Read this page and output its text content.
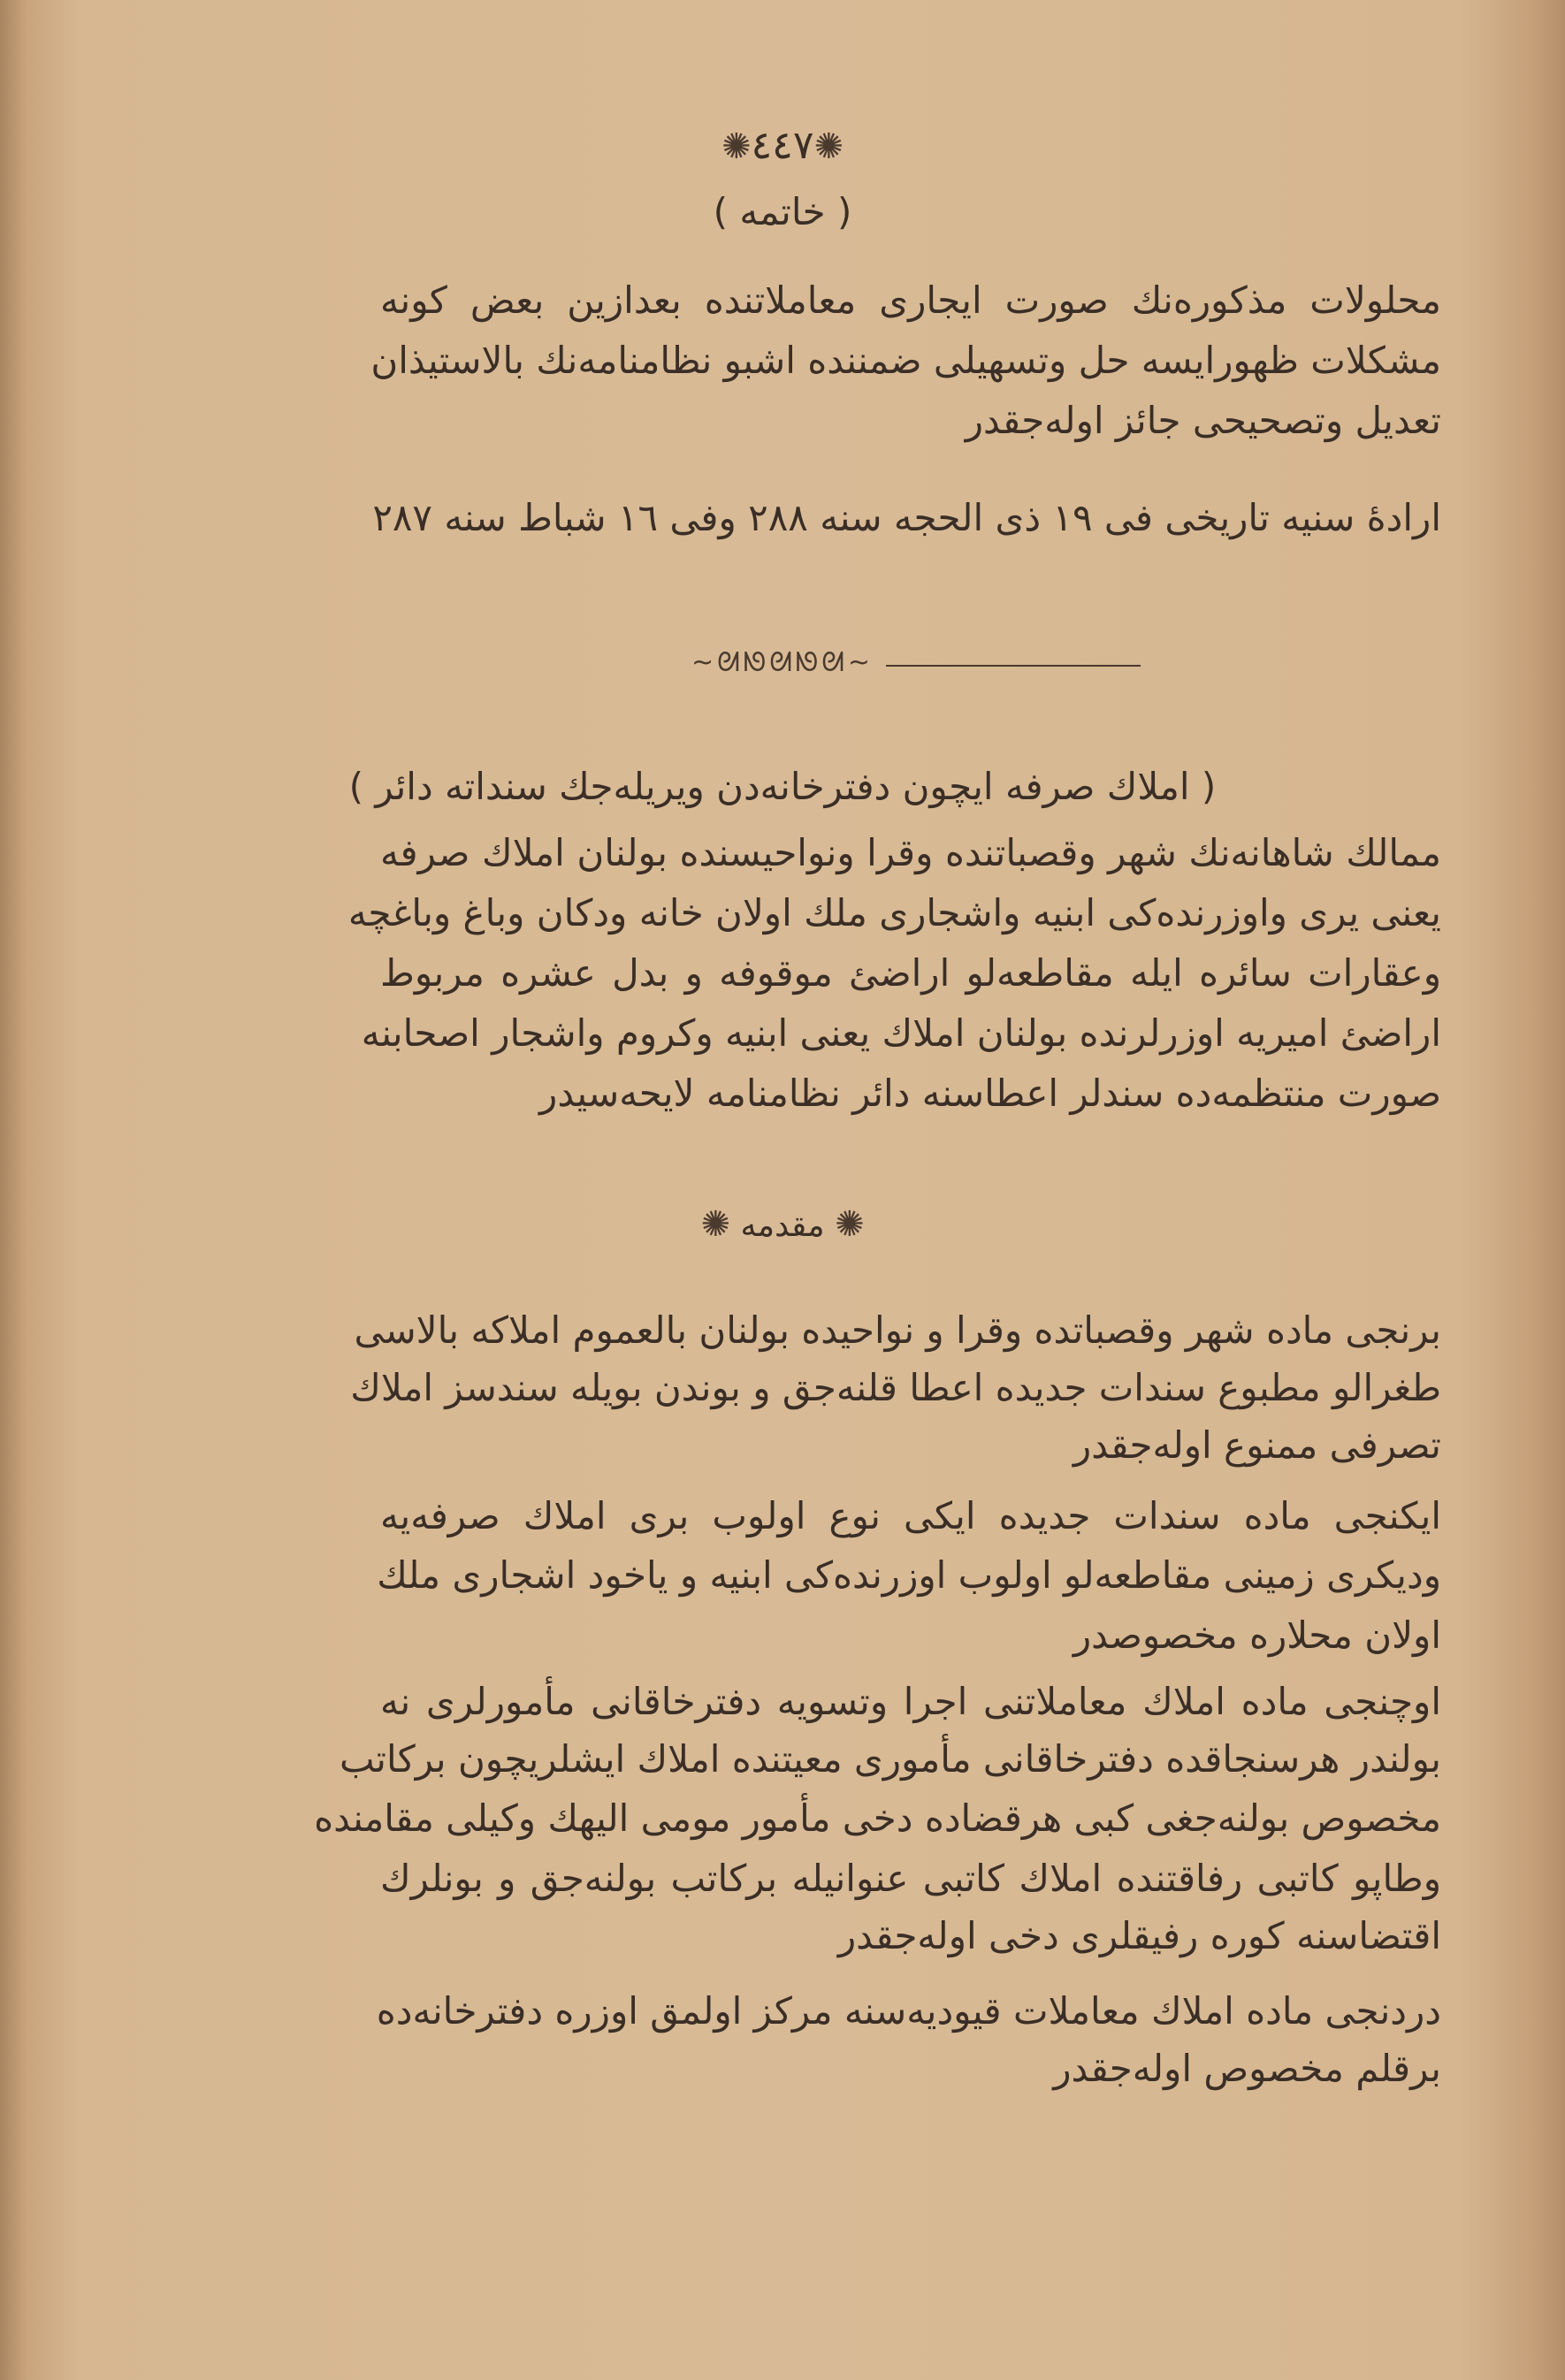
✺٤٤٧✺
( خاتمه )
محلولات مذكوره‌نك صورت ايجارى معاملاتنده بعدازين بعض كونه
مشكلات ظهورايسه حل وتسهيلى ضمننده اشبو نظامنامه‌نك بالاستيذان
تعديل وتصحيحى جائز اوله‌جقدر
اراده‌ٔ سنيه تاريخى فى ١٩ ذى الحجه سنه ٢٨٨ وفى ١٦ شباط سنه ٢٨٧
~ᘛᘚᘛᘚᘛ~
( املاك صرفه ايچون دفترخانه‌دن ويريله‌جك سنداته دائر )
ممالك شاهانه‌نك شهر وقصباتنده وقرا ونواحيسنده بولنان املاك صرفه
يعنى يرى واوزرنده‌كى ابنيه واشجارى ملك اولان خانه ودكان وباغ وباغچه
وعقارات سائره ايله مقاطعه‌لو اراضئ موقوفه و بدل عشره مربوط
اراضئ اميريه اوزرلرنده بولنان املاك يعنى ابنيه وكروم واشجار اصحابنه
صورت منتظمه‌ده سندلر اعطاسنه دائر نظامنامه لايحه‌سيدر
✺ مقدمه ✺
برنجى ماده شهر وقصباتده وقرا و نواحيده بولنان بالعموم املاكه بالاسى
طغرالو مطبوع سندات جديده اعطا قلنه‌جق و بوندن بويله سندسز املاك
تصرفى ممنوع اوله‌جقدر
ايكنجى ماده سندات جديده ايكى نوع اولوب برى املاك صرفه‌يه
وديكرى زمينى مقاطعه‌لو اولوب اوزرنده‌كى ابنيه و ياخود اشجارى ملك
اولان محلاره مخصوصدر
اوچنجى ماده املاك معاملاتنى اجرا وتسويه دفترخاقانى مأمورلرى نه
بولندر هرسنجاقده دفترخاقانى مأمورى معيتنده املاك ايشلريچون بركاتب
مخصوص بولنه‌جغى كبى هرقضاده دخى مأمور مومى اليهك وكيلى مقامنده
وطاپو كاتبى رفاقتنده املاك كاتبى عنوانيله بركاتب بولنه‌جق و بونلرك
اقتضاسنه كوره رفيقلرى دخى اوله‌جقدر
دردنجى ماده املاك معاملات قيوديه‌سنه مركز اولمق اوزره دفترخانه‌ده
برقلم مخصوص اوله‌جقدر
